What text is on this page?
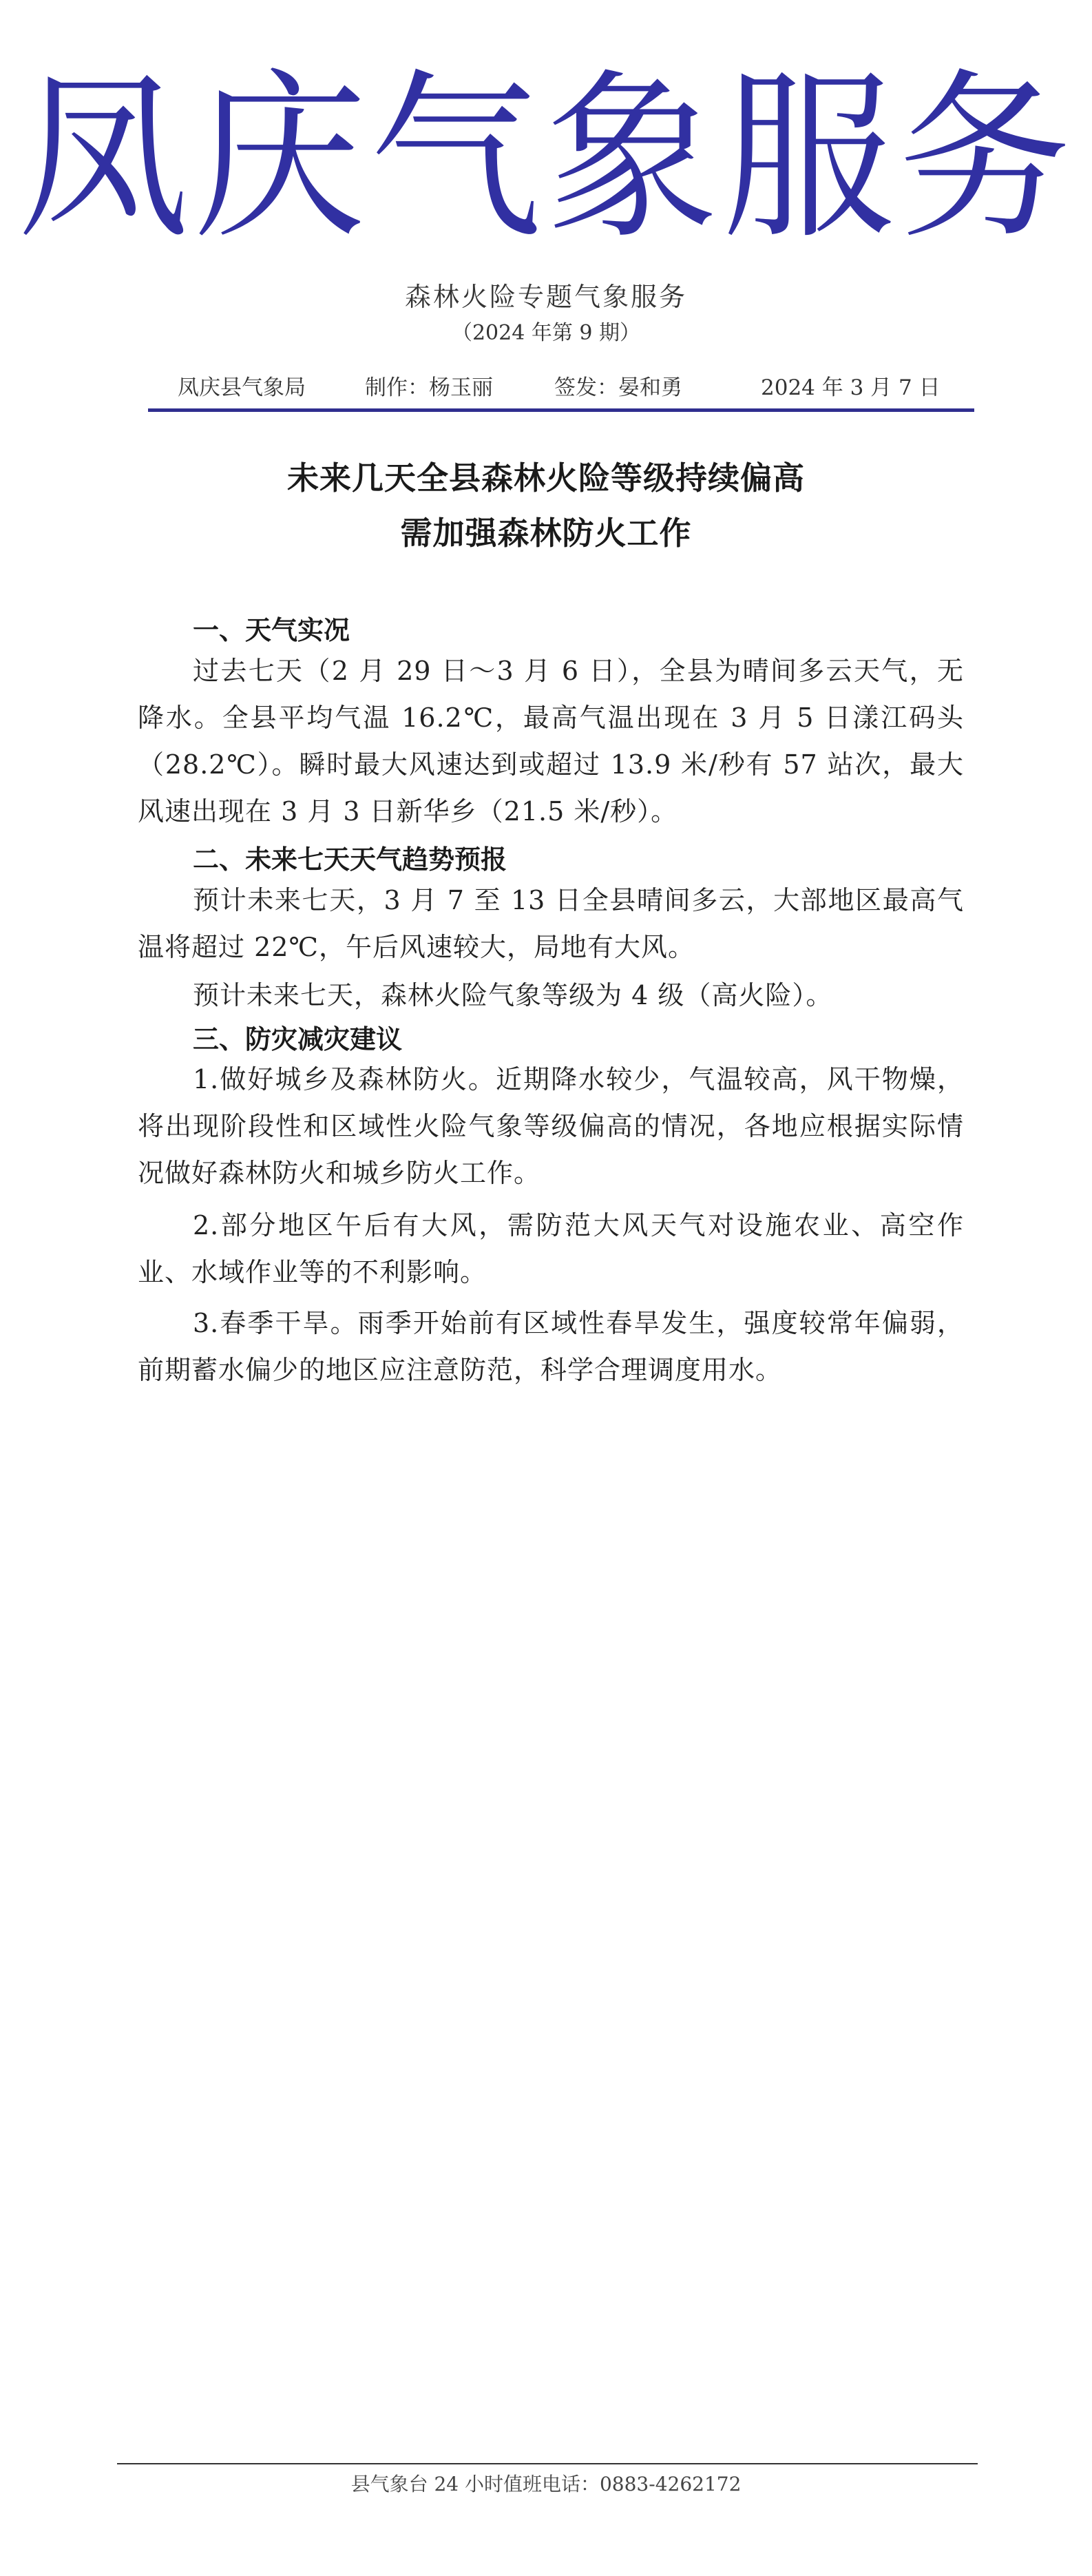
凤庆气象服务
森林火险专题气象服务
（2024 年第 9 期）
凤庆县气象局	制作：杨玉丽	签发：晏和勇	2024 年 3 月 7 日
未来几天全县森林火险等级持续偏高
需加强森林防火工作
一、天气实况
过去七天（2 月 29 日～3 月 6 日），全县为晴间多云天气，无降水。全县平均气温 16.2℃，最高气温出现在 3 月 5 日漾江码头（28.2℃）。瞬时最大风速达到或超过 13.9 米/秒有 57 站次，最大风速出现在 3 月 3 日新华乡（21.5 米/秒）。
二、未来七天天气趋势预报
预计未来七天，3 月 7 至 13 日全县晴间多云，大部地区最高气温将超过 22℃，午后风速较大，局地有大风。
预计未来七天，森林火险气象等级为 4 级（高火险）。
三、防灾减灾建议
1.做好城乡及森林防火。近期降水较少，气温较高，风干物燥，将出现阶段性和区域性火险气象等级偏高的情况，各地应根据实际情况做好森林防火和城乡防火工作。
2.部分地区午后有大风，需防范大风天气对设施农业、高空作业、水域作业等的不利影响。
3.春季干旱。雨季开始前有区域性春旱发生，强度较常年偏弱，前期蓄水偏少的地区应注意防范，科学合理调度用水。
县气象台 24 小时值班电话：0883-4262172
